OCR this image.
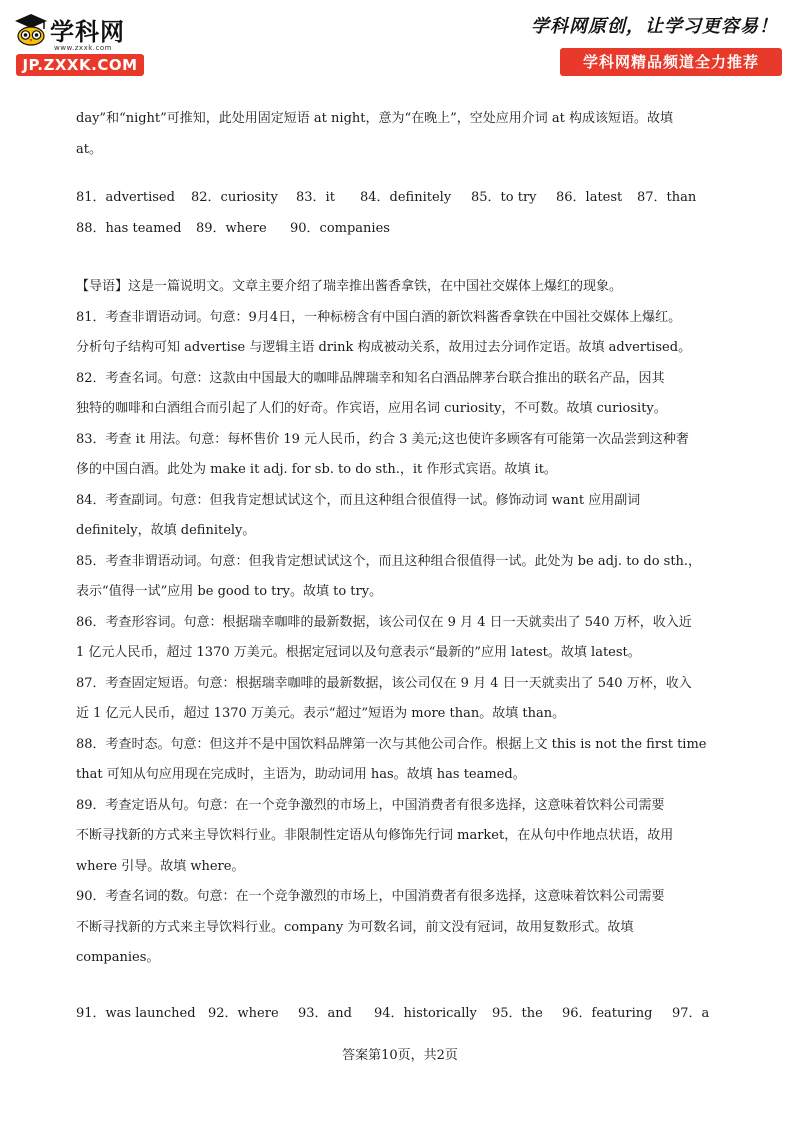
学科网
www.zxxk.com
JP.ZXXK.COM
学科网原创，让学习更容易！
学科网精品频道全力推荐

day”和“night”可推知，此处用固定短语 at night，意为“在晚上”，空处应用介词 at 构成该短语。故填

at。

81．advertised	82．curiosity	83．it	84．definitely	85．to try	86．latest	87．than

88．has teamed	89．where	90．companies

【导语】这是一篇说明文。文章主要介绍了瑞幸推出酱香拿铁，在中国社交媒体上爆红的现象。

81．考查非谓语动词。句意：9月4日，一种标榜含有中国白酒的新饮料酱香拿铁在中国社交媒体上爆红。

分析句子结构可知 advertise 与逻辑主语 drink 构成被动关系，故用过去分词作定语。故填 advertised。

82．考查名词。句意：这款由中国最大的咖啡品牌瑞幸和知名白酒品牌茅台联合推出的联名产品，因其

独特的咖啡和白酒组合而引起了人们的好奇。作宾语，应用名词 curiosity，不可数。故填 curiosity。

83．考查 it 用法。句意：每杯售价 19 元人民币，约合 3 美元;这也使许多顾客有可能第一次品尝到这种奢

侈的中国白酒。此处为 make it adj. for sb. to do sth.，it 作形式宾语。故填 it。

84．考查副词。句意：但我肯定想试试这个，而且这种组合很值得一试。修饰动词 want 应用副词

definitely，故填 definitely。

85．考查非谓语动词。句意：但我肯定想试试这个，而且这种组合很值得一试。此处为 be adj. to do sth.，

表示“值得一试”应用 be good to try。故填 to try。

86．考查形容词。句意：根据瑞幸咖啡的最新数据，该公司仅在 9 月 4 日一天就卖出了 540 万杯，收入近

1 亿元人民币，超过 1370 万美元。根据定冠词以及句意表示“最新的”应用 latest。故填 latest。

87．考查固定短语。句意：根据瑞幸咖啡的最新数据，该公司仅在 9 月 4 日一天就卖出了 540 万杯，收入

近 1 亿元人民币，超过 1370 万美元。表示“超过”短语为 more than。故填 than。

88．考查时态。句意：但这并不是中国饮料品牌第一次与其他公司合作。根据上文 this is not the first time

that 可知从句应用现在完成时，主语为，助动词用 has。故填 has teamed。

89．考查定语从句。句意：在一个竞争激烈的市场上，中国消费者有很多选择，这意味着饮料公司需要

不断寻找新的方式来主导饮料行业。非限制性定语从句修饰先行词 market，在从句中作地点状语，故用

where 引导。故填 where。

90．考查名词的数。句意：在一个竞争激烈的市场上，中国消费者有很多选择，这意味着饮料公司需要

不断寻找新的方式来主导饮料行业。company 为可数名词，前文没有冠词，故用复数形式。故填

companies。

91．was launched 92．where	93．and	94．historically	95．the	96．featuring	97．a

答案第10页，共2页
